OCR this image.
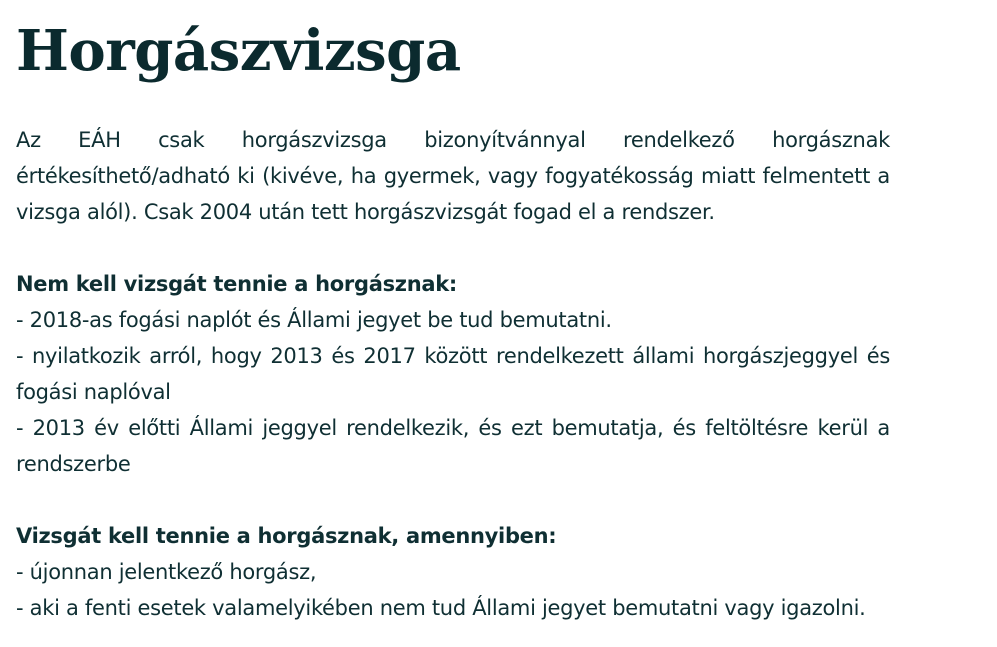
Horgászvizsga

Az EÁH csak horgászvizsga bizonyítvánnyal rendelkező horgásznak értékesíthető/adható ki (kivéve, ha gyermek, vagy fogyatékosság miatt felmentett a vizsga alól). Csak 2004 után tett horgászvizsgát fogad el a rendszer.

Nem kell vizsgát tennie a horgásznak:

- 2018-as fogási naplót és Állami jegyet be tud bemutatni.
- nyilatkozik arról, hogy 2013 és 2017 között rendelkezett állami horgászjeggyel és fogási naplóval
- 2013 év előtti Állami jeggyel rendelkezik, és ezt bemutatja, és feltöltésre kerül a rendszerbe

Vizsgát kell tennie a horgásznak, amennyiben:

- újonnan jelentkező horgász,
- aki a fenti esetek valamelyikében nem tud Állami jegyet bemutatni vagy igazolni.
